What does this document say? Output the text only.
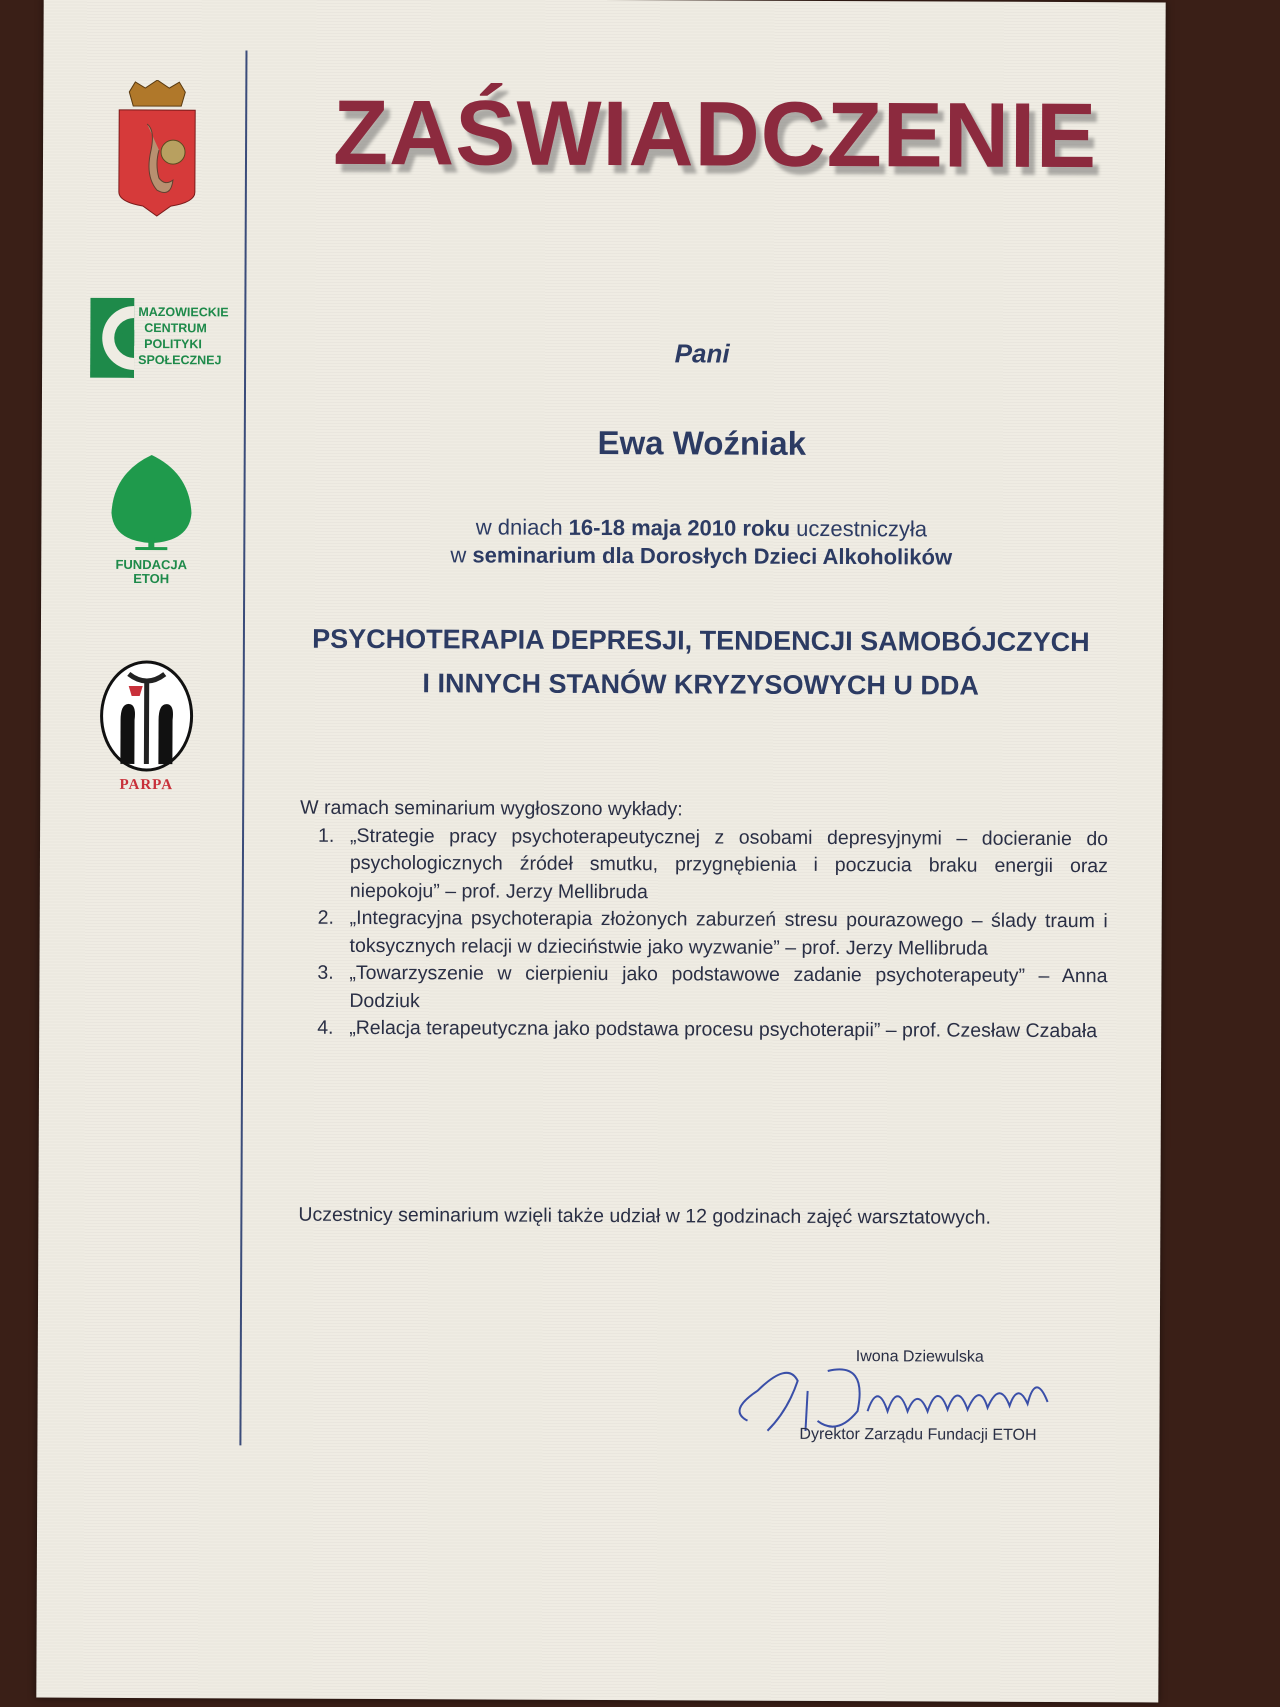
MAZOWIECKIE
CENTRUM
POLITYKI
SPOŁECZNEJ
FUNDACJA
ETOH
PARPA
ZAŚWIADCZENIE
Pani
Ewa Woźniak
w dniach 16-18 maja 2010 roku uczestniczyła
w seminarium dla Dorosłych Dzieci Alkoholików
PSYCHOTERAPIA DEPRESJI, TENDENCJI SAMOBÓJCZYCH
I INNYCH STANÓW KRYZYSOWYCH U DDA
W ramach seminarium wygłoszono wykłady:
1. „Strategie pracy psychoterapeutycznej z osobami depresyjnymi – docieranie do psychologicznych źródeł smutku, przygnębienia i poczucia braku energii oraz niepokoju” – prof. Jerzy Mellibruda
2. „Integracyjna psychoterapia złożonych zaburzeń stresu pourazowego – ślady traum i toksycznych relacji w dzieciństwie jako wyzwanie” – prof. Jerzy Mellibruda
3. „Towarzyszenie w cierpieniu jako podstawowe zadanie psychoterapeuty” – Anna Dodziuk
4. „Relacja terapeutyczna jako podstawa procesu psychoterapii” – prof. Czesław Czabała
Uczestnicy seminarium wzięli także udział w 12 godzinach zajęć warsztatowych.
Iwona Dziewulska
Dyrektor Zarządu Fundacji ETOH
